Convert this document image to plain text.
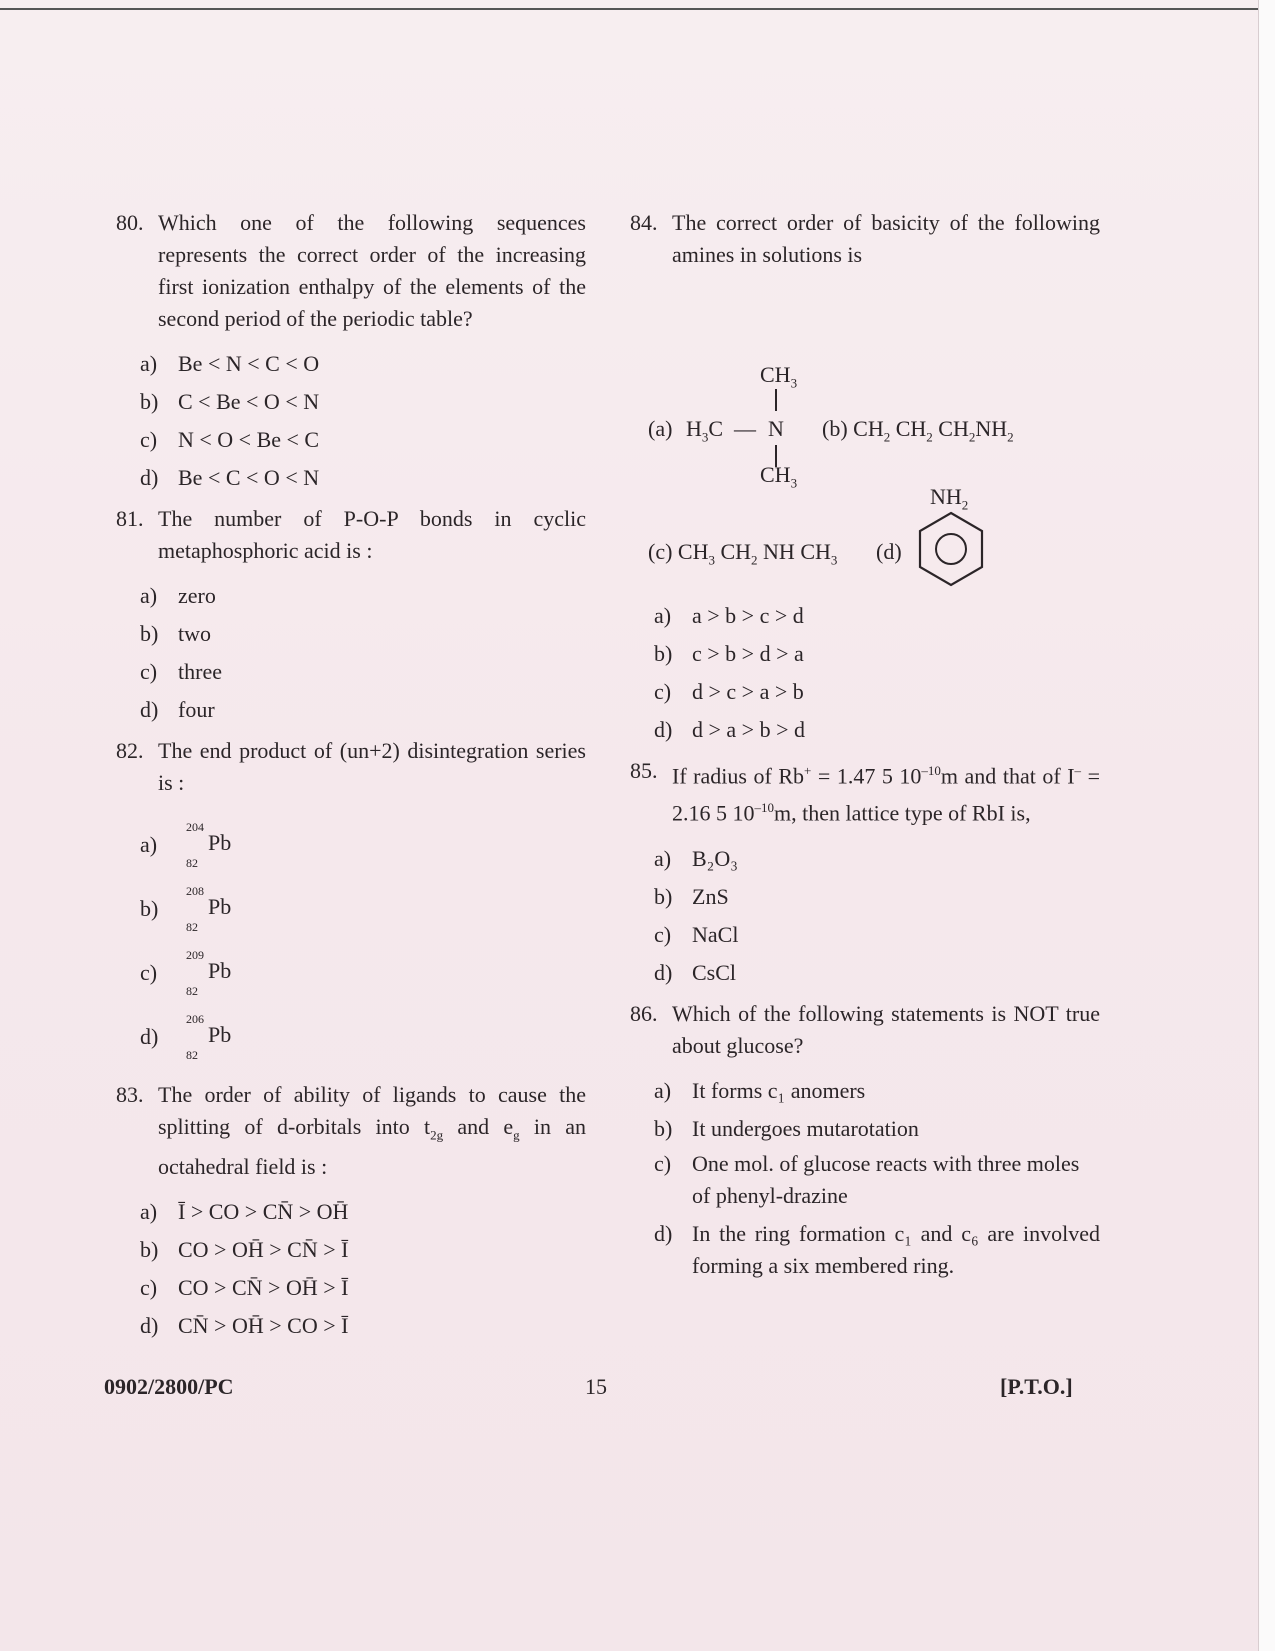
80. Which one of the following sequences represents the correct order of the increasing first ionization enthalpy of the elements of the second period of the periodic table?
a) Be < N < C < O
b) C < Be < O < N
c) N < O < Be < C
d) Be < C < O < N
81. The number of P-O-P bonds in cyclic metaphosphoric acid is :
a) zero
b) two
c) three
d) four
82. The end product of (un+2) disintegration series is :
a)
204
82
Pb
b)
208
82
Pb
c)
209
82
Pb
d)
206
82
Pb
83. The order of ability of ligands to cause the splitting of d-orbitals into $t_{2g}$ and $e_g$ in an octahedral field is :
a) Ī > CO > CN̄ > OH̄
b) CO > OH̄ > CN̄ > Ī
c) CO > CN̄ > OH̄ > Ī
d) CN̄ > OH̄ > CO > Ī
84. The correct order of basicity of the following amines in solutions is
(a)
$CH_3$
$H_3C$ — N
$CH_3$
(b) $CH_2$ $CH_2$ $CH_2NH_2$
(c) $CH_3$ $CH_2$ NH $CH_3$ (d)
$NH_2$
a) a > b > c > d
b) c > b > d > a
c) d > c > a > b
d) d > a > b > d
85. If radius of Rb+ = 1.47 5 $10^{-10}m$ and that of I– = 2.16 5 $10^{-10}m$, then lattice type of RbI is,
a) B₂O₃
b) ZnS
c) NaCl
d) CsCl
86. Which of the following statements is NOT true about glucose?
a) It forms c₁ anomers
b) It undergoes mutarotation
c) One mol. of glucose reacts with three moles of phenyl-drazine
d) In the ring formation c₁ and c₆ are involved forming a six membered ring.
0902/2800/PC	15	[P.T.O.]
